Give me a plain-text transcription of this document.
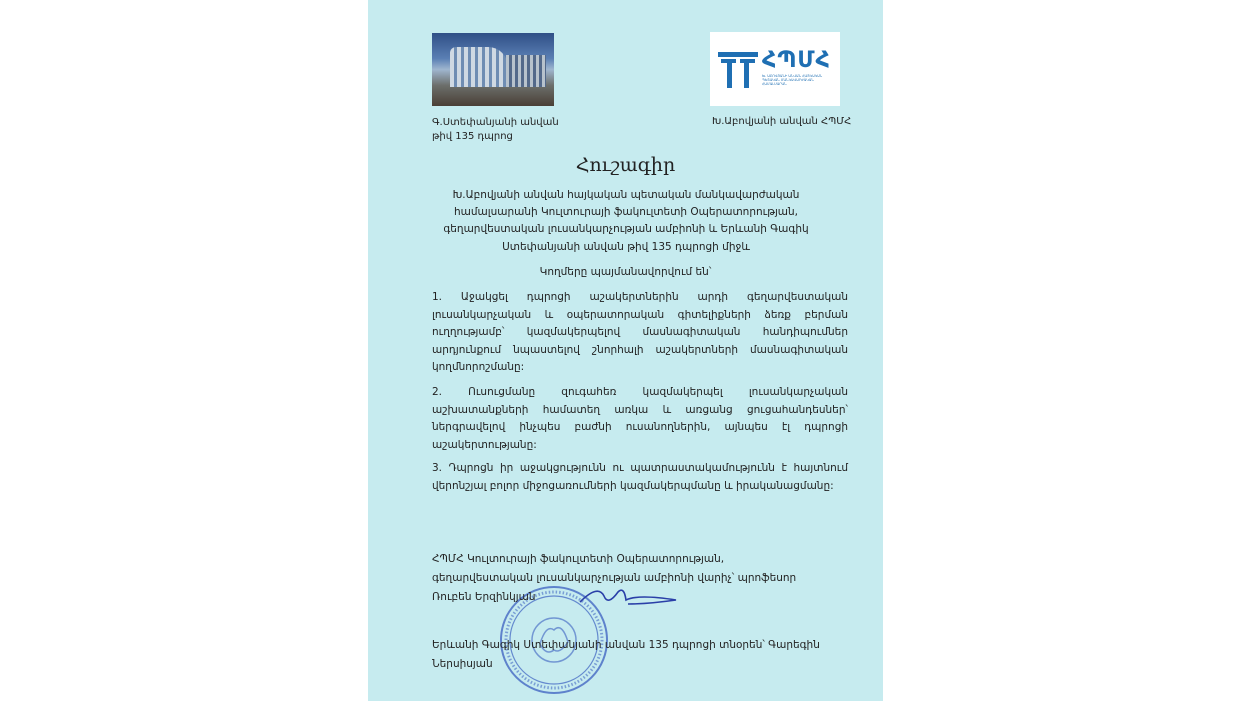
ՀՊՄՀ
Խ. ԱԲՈՎՅԱՆԻ ԱՆՎԱՆ ՀԱՅԿԱԿԱՆ ՊԵՏԱԿԱՆ ՄԱՆԿԱՎԱՐԺԱԿԱՆ ՀԱՄԱԼՍԱՐԱՆ
Գ.Ստեփանյանի անվան
թիվ 135 դպրոց
Խ.Աբովյանի անվան ՀՊՄՀ
Հուշագիր
Խ.Աբովյանի անվան հայկական պետական մանկավարժական
համալսարանի Կուլտուրայի ֆակուլտետի Օպերատորության,
գեղարվեստական լուսանկարչության ամբիոնի և Երևանի Գագիկ
Ստեփանյանի անվան թիվ 135 դպրոցի միջև
Կողմերը պայմանավորվում են՝
1. Աջակցել դպրոցի աշակերտներին արդի գեղարվեստական լուսանկարչական և օպերատորական գիտելիքների ձեռք բերման ուղղությամբ՝ կազմակերպելով մասնագիտական հանդիպումներ արդյունքում նպաստելով շնորհալի աշակերտների մասնագիտական կողմնորոշմանը:
2. Ուսուցմանը զուգահեռ կազմակերպել լուսանկարչական աշխատանքների համատեղ առկա և առցանց ցուցահանդեսներ՝ ներգրավելով ինչպես բաժնի ուսանողներին, այնպես էլ դպրոցի աշակերտությանը:
3. Դպրոցն իր աջակցությունն ու պատրաստակամությունն է հայտնում վերոնշյալ բոլոր միջոցառումների կազմակերպմանը և իրականացմանը:
ՀՊՄՀ Կուլտուրայի ֆակուլտետի Օպերատորության,
գեղարվեստական լուսանկարչության ամբիոնի վարիչ՝ պրոֆեսոր
Ռուբեն Երզինկյան
Երևանի Գագիկ Ստեփանյանի անվան 135 դպրոցի տնօրեն՝ Գարեգին
Ներսիսյան
